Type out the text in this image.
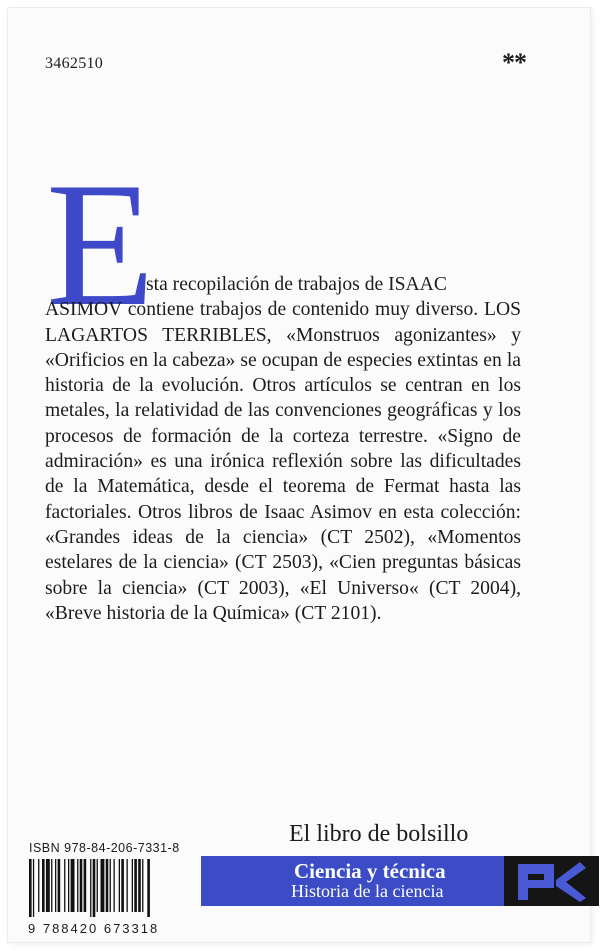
3462510	**
E
sta recopilación de trabajos de ISAAC
ASIMOV contiene trabajos de contenido muy diverso. LOS LAGARTOS TERRIBLES, «Monstruos agonizantes» y «Orificios en la cabeza» se ocupan de especies extintas en la historia de la evolución. Otros artículos se centran en los metales, la relatividad de las convenciones geográficas y los procesos de formación de la corteza terrestre. «Signo de admiración» es una irónica reflexión sobre las dificultades de la Matemática, desde el teorema de Fermat hasta las factoriales. Otros libros de Isaac Asimov en esta colección: «Grandes ideas de la ciencia» (CT 2502), «Momentos estelares de la ciencia» (CT 2503), «Cien preguntas básicas sobre la ciencia» (CT 2003), «El Universo« (CT 2004), «Breve historia de la Química» (CT 2101).
El libro de bolsillo
ISBN 978-84-206-7331-8
9 788420 673318
Ciencia y técnica
Historia de la ciencia
